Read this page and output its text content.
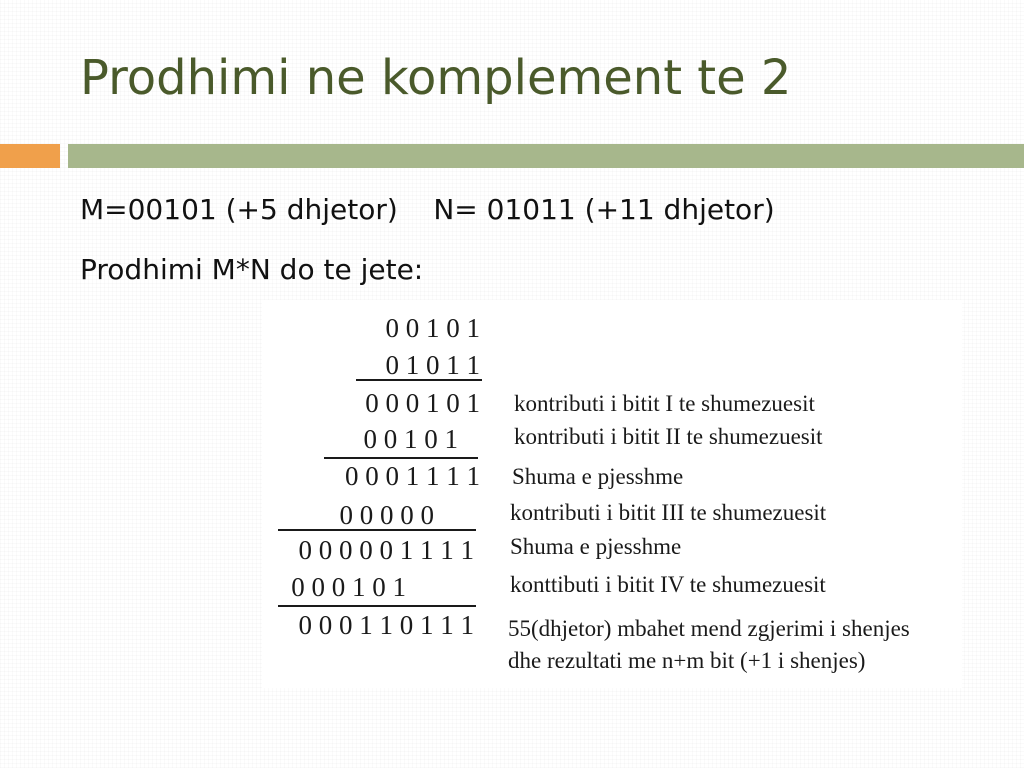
Prodhimi ne komplement te 2

M=00101 (+5 dhjetor)    N= 01011 (+11 dhjetor)

Prodhimi M*N do te jete:

0 0 1 0 1
0 1 0 1 1
0 0 0 1 0 1
0 0 1 0 1
0 0 0 1 1 1 1
0 0 0 0 0
0 0 0 0 0 1 1 1 1
0 0 0 1 0 1
0 0 0 1 1 0 1 1 1
kontributi i bitit I te shumezuesit
kontributi i bitit II te shumezuesit
Shuma e pjesshme
kontributi i bitit III te shumezuesit
Shuma e pjesshme
konttibuti i bitit IV te shumezuesit
55(dhjetor) mbahet mend zgjerimi i shenjes
dhe rezultati me n+m bit (+1 i shenjes)
